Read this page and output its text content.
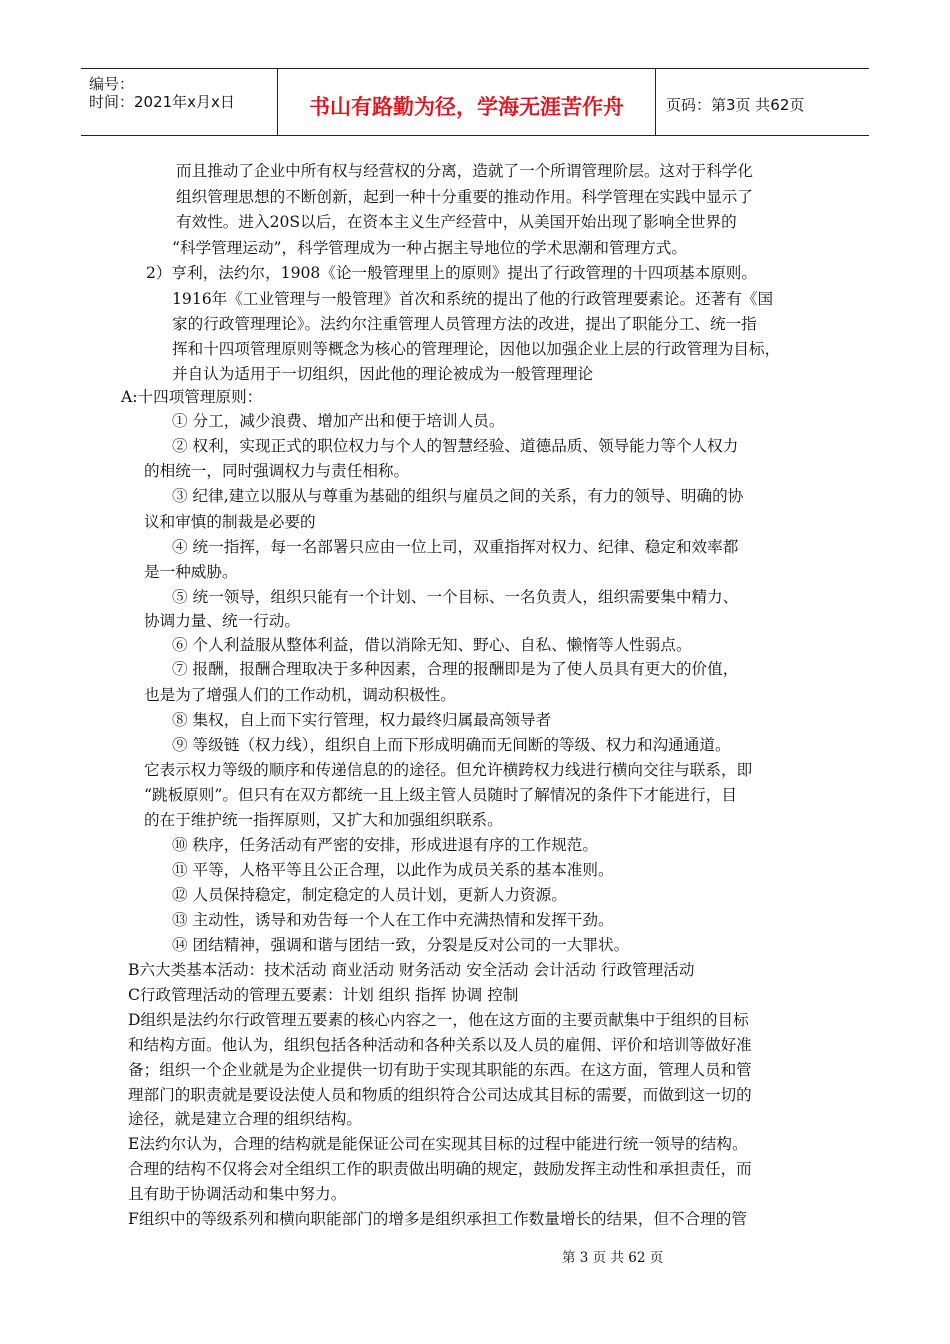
编号：
时间：2021年x月x日	书山有路勤为径，学海无涯苦作舟	页码：第3页 共62页
而且推动了企业中所有权与经营权的分离，造就了一个所谓管理阶层。这对于科学化
组织管理思想的不断创新，起到一种十分重要的推动作用。科学管理在实践中显示了
有效性。进入20S以后，在资本主义生产经营中，从美国开始出现了影响全世界的
“科学管理运动”，科学管理成为一种占据主导地位的学术思潮和管理方式。
2）亨利，法约尔，1908《论一般管理里上的原则》提出了行政管理的十四项基本原则。
1916年《工业管理与一般管理》首次和系统的提出了他的行政管理要素论。还著有《国
家的行政管理理论》。法约尔注重管理人员管理方法的改进，提出了职能分工、统一指
挥和十四项管理原则等概念为核心的管理理论，因他以加强企业上层的行政管理为目标，
并自认为适用于一切组织，因此他的理论被成为一般管理理论
A:十四项管理原则：
① 分工，减少浪费、增加产出和便于培训人员。
② 权利，实现正式的职位权力与个人的智慧经验、道德品质、领导能力等个人权力
的相统一，同时强调权力与责任相称。
③ 纪律,建立以服从与尊重为基础的组织与雇员之间的关系，有力的领导、明确的协
议和审慎的制裁是必要的
④ 统一指挥，每一名部署只应由一位上司，双重指挥对权力、纪律、稳定和效率都
是一种威胁。
⑤ 统一领导，组织只能有一个计划、一个目标、一名负责人，组织需要集中精力、
协调力量、统一行动。
⑥ 个人利益服从整体利益，借以消除无知、野心、自私、懒惰等人性弱点。
⑦ 报酬，报酬合理取决于多种因素，合理的报酬即是为了使人员具有更大的价值，
也是为了增强人们的工作动机，调动积极性。
⑧ 集权，自上而下实行管理，权力最终归属最高领导者
⑨ 等级链（权力线），组织自上而下形成明确而无间断的等级、权力和沟通通道。
它表示权力等级的顺序和传递信息的的途径。但允许横跨权力线进行横向交往与联系，即
“跳板原则”。但只有在双方都统一且上级主管人员随时了解情况的条件下才能进行，目
的在于维护统一指挥原则，又扩大和加强组织联系。
⑩ 秩序，任务活动有严密的安排，形成进退有序的工作规范。
⑪ 平等，人格平等且公正合理，以此作为成员关系的基本准则。
⑫ 人员保持稳定，制定稳定的人员计划，更新人力资源。
⑬ 主动性，诱导和劝告每一个人在工作中充满热情和发挥干劲。
⑭ 团结精神，强调和谐与团结一致，分裂是反对公司的一大罪状。
B六大类基本活动：技术活动 商业活动 财务活动 安全活动 会计活动 行政管理活动
C行政管理活动的管理五要素：计划 组织 指挥 协调 控制
D组织是法约尔行政管理五要素的核心内容之一，他在这方面的主要贡献集中于组织的目标
和结构方面。他认为，组织包括各种活动和各种关系以及人员的雇佣、评价和培训等做好准
备；组织一个企业就是为企业提供一切有助于实现其职能的东西。在这方面，管理人员和管
理部门的职责就是要设法使人员和物质的组织符合公司达成其目标的需要，而做到这一切的
途径，就是建立合理的组织结构。
E法约尔认为，合理的结构就是能保证公司在实现其目标的过程中能进行统一领导的结构。
合理的结构不仅将会对全组织工作的职责做出明确的规定，鼓励发挥主动性和承担责任，而
且有助于协调活动和集中努力。
F组织中的等级系列和横向职能部门的增多是组织承担工作数量增长的结果，但不合理的管
第 3 页 共 62 页
